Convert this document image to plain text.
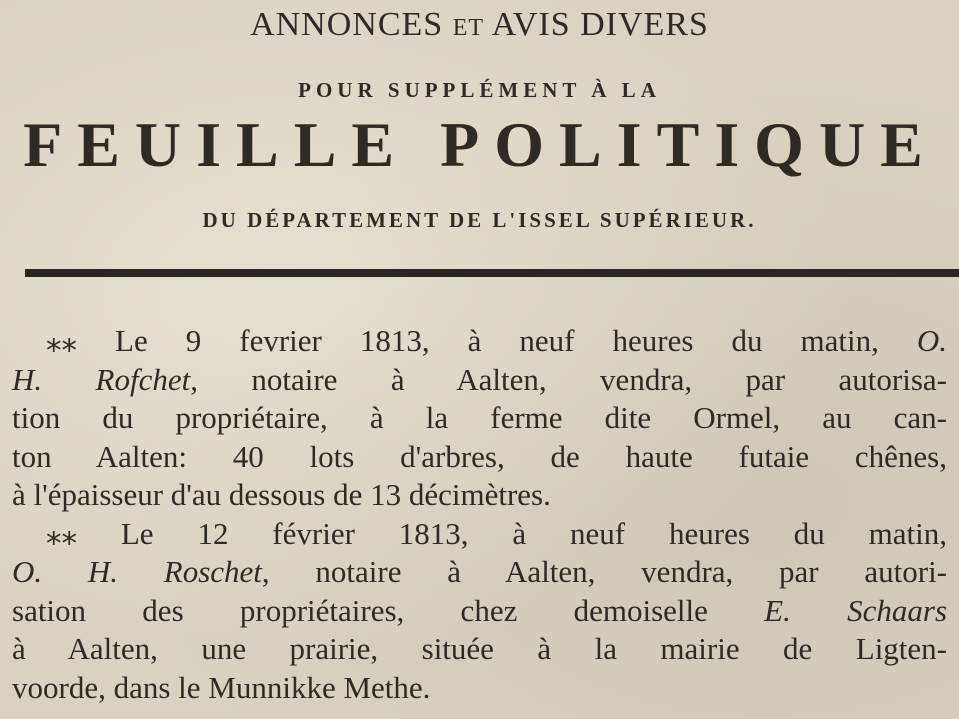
ANNONCES ET AVIS DIVERS
POUR SUPPLÉMENT À LA
FEUILLE POLITIQUE
DU DÉPARTEMENT DE L'ISSEL SUPÉRIEUR.
⁎⁎ Le 9 fevrier 1813, à neuf heures du matin, O.
H. Rofchet, notaire à Aalten, vendra, par autorisa-
tion du propriétaire, à la ferme dite Ormel, au can-
ton Aalten: 40 lots d'arbres, de haute futaie chênes,
à l'épaisseur d'au dessous de 13 décimètres.
⁎⁎ Le 12 février 1813, à neuf heures du matin,
O. H. Roschet, notaire à Aalten, vendra, par autori-
sation des propriétaires, chez demoiselle E. Schaars
à Aalten, une prairie, située à la mairie de Ligten-
voorde, dans le Munnikke Methe.
